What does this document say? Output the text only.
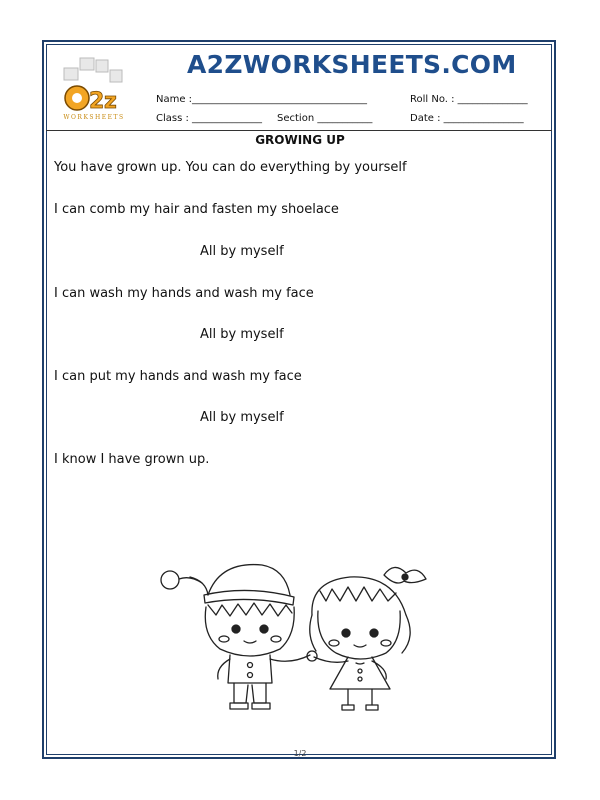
2 z
WORKSHEETS
A2ZWORKSHEETS.COM
Name :___________________________________	Roll No. : ______________
Class : ______________ Section ___________	Date : ________________
GROWING UP
You have grown up. You can do everything by yourself
I can comb my hair and fasten my shoelace
All by myself
I can wash my hands and wash my face
All by myself
I can put my hands and wash my face
All by myself
I know I have grown up.
1/2
